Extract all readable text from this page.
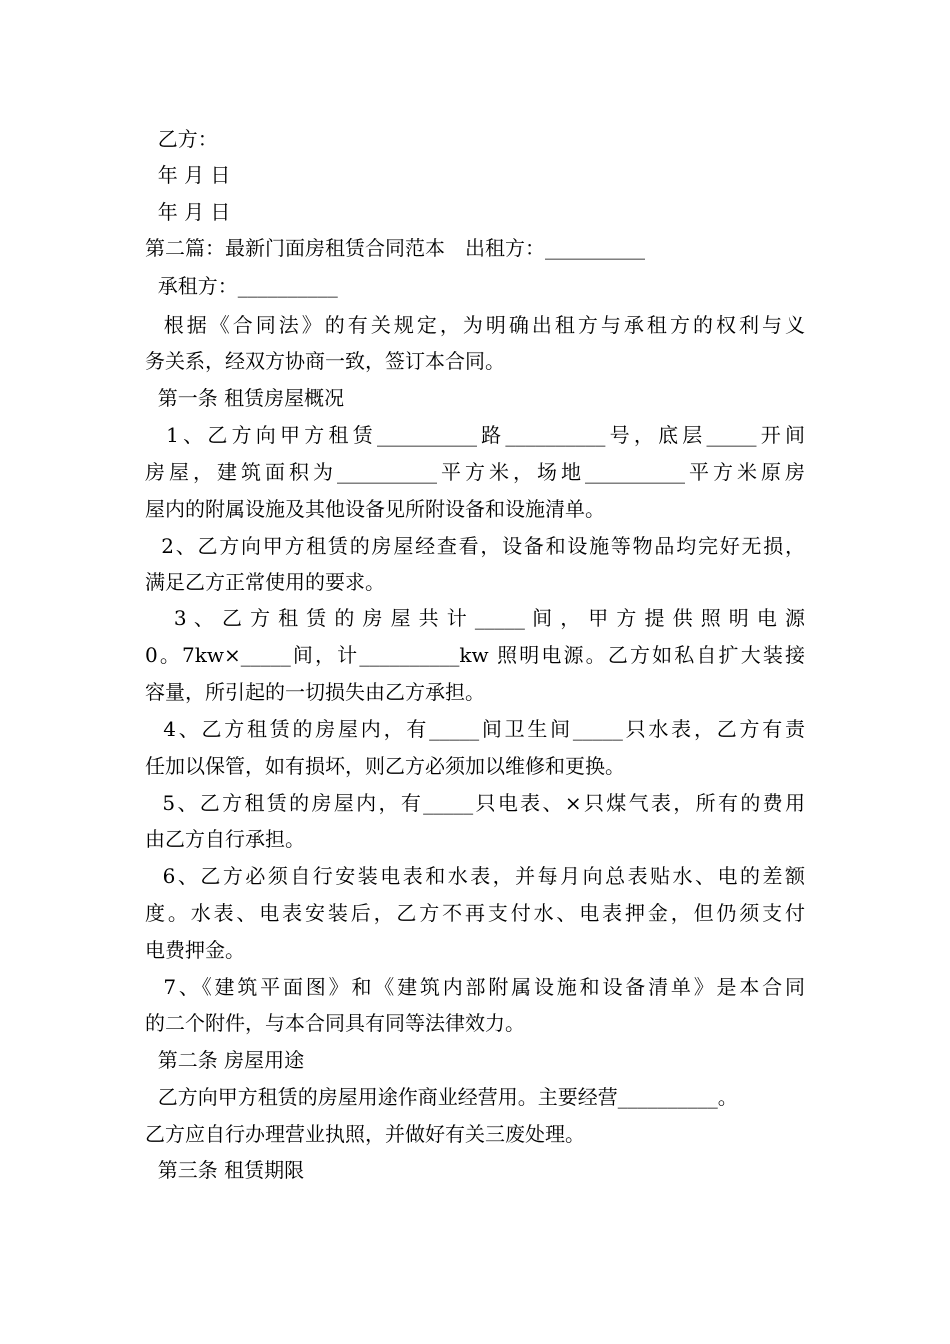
乙方：
年 月 日
年 月 日
第二篇：最新门面房租赁合同范本　出租方：__________
承租方：__________
根据《合同法》的有关规定，为明确出租方与承租方的权利与义
务关系，经双方协商一致，签订本合同。
第一条 租赁房屋概况
1、乙方向甲方租赁__________路__________号，底层_____开间
房屋，建筑面积为__________平方米，场地__________平方米原房
屋内的附属设施及其他设备见所附设备和设施清单。
2、乙方向甲方租赁的房屋经查看，设备和设施等物品均完好无损，
满足乙方正常使用的要求。
3 、 乙 方 租 赁 的 房 屋 共 计 _____ 间 ， 甲 方 提 供 照 明 电 源
0。7kw×_____间，计__________kw 照明电源。乙方如私自扩大装接
容量，所引起的一切损失由乙方承担。
4、乙方租赁的房屋内，有_____间卫生间_____只水表，乙方有责
任加以保管，如有损坏，则乙方必须加以维修和更换。
5、乙方租赁的房屋内，有_____只电表、×只煤气表，所有的费用
由乙方自行承担。
6、乙方必须自行安装电表和水表，并每月向总表贴水、电的差额
度。水表、电表安装后，乙方不再支付水、电表押金，但仍须支付
电费押金。
7、《建筑平面图》和《建筑内部附属设施和设备清单》是本合同
的二个附件，与本合同具有同等法律效力。
第二条 房屋用途
乙方向甲方租赁的房屋用途作商业经营用。主要经营__________。
乙方应自行办理营业执照，并做好有关三废处理。
第三条 租赁期限
